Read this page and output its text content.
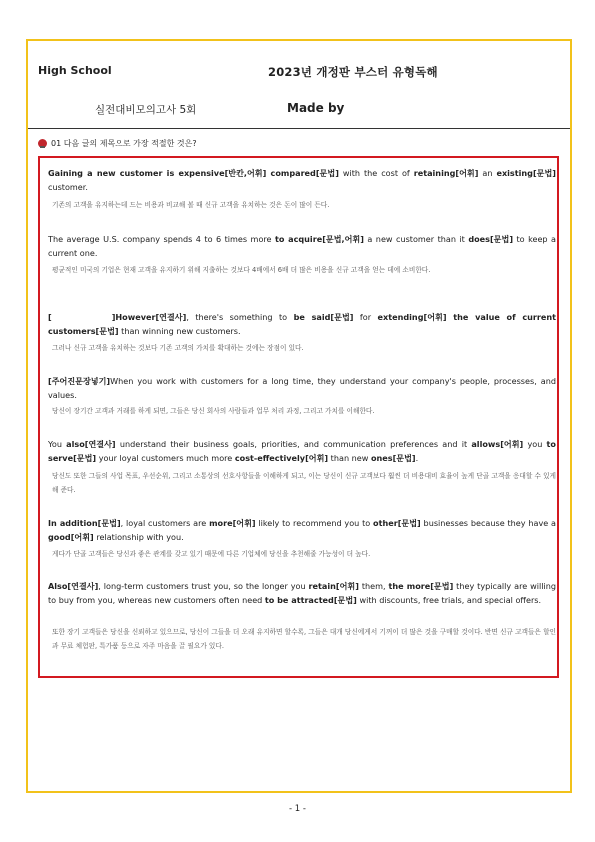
High School	2023년 개정판 부스터 유형독해
실전대비모의고사 5회	Made by
01 다음 글의 제목으로 가장 적절한 것은?
Gaining a new customer is expensive[반칸,어휘] compared[문법] with the cost of retaining[어휘] an existing[문법] customer.
기존의 고객을 유지하는데 드는 비용과 비교해 볼 때 신규 고객을 유치하는 것은 돈이 많이 든다.
The average U.S. company spends 4 to 6 times more to acquire[문법,어휘] a new customer than it does[문법] to keep a current one.
평균적인 미국의 기업은 현재 고객을 유지하기 위해 지출하는 것보다 4배에서 6배 더 많은 비용을 신규 고객을 얻는 데에 소비한다.
[	]However[연결사], there's something to be said[문법] for extending[어휘] the value of current customers[문법] than winning new customers.
그러나 신규 고객을 유치하는 것보다 기존 고객의 가치를 확대하는 것에는 장점이 있다.
[주어진문장넣기]When you work with customers for a long time, they understand your company's people, processes, and values.
당신이 장기간 고객과 거래를 하게 되면, 그들은 당신 회사의 사람들과 업무 처리 과정, 그리고 가치를 이해한다.
You also[연결사] understand their business goals, priorities, and communication preferences and it allows[어휘] you to serve[문법] your loyal customers much more cost-effectively[어휘] than new ones[문법].
당신도 또한 그들의 사업 목표, 우선순위, 그리고 소통상의 선호사항들을 이해하게 되고, 이는 당신이 신규 고객보다 훨씬 더 비용대비 효율이 높게 단골 고객을 응대할 수 있게 해 준다.
In addition[문법], loyal customers are more[어휘] likely to recommend you to other[문법] businesses because they have a good[어휘] relationship with you.
게다가 단골 고객들은 당신과 좋은 관계를 갖고 있기 때문에 다른 기업체에 당신을 추천해줄 가능성이 더 높다.
Also[연결사], long-term customers trust you, so the longer you retain[어휘] them, the more[문법] they typically are willing to buy from you, whereas new customers often need to be attracted[문법] with discounts, free trials, and special offers.
또한 장기 고객들은 당신을 신뢰하고 있으므로, 당신이 그들을 더 오래 유지하면 할수록, 그들은 대개 당신에게서 기꺼이 더 많은 것을 구매할 것이다. 반면 신규 고객들은 할인과 무료 체험판, 특가품 등으로 자주 마음을 끌 필요가 있다.
- 1 -
